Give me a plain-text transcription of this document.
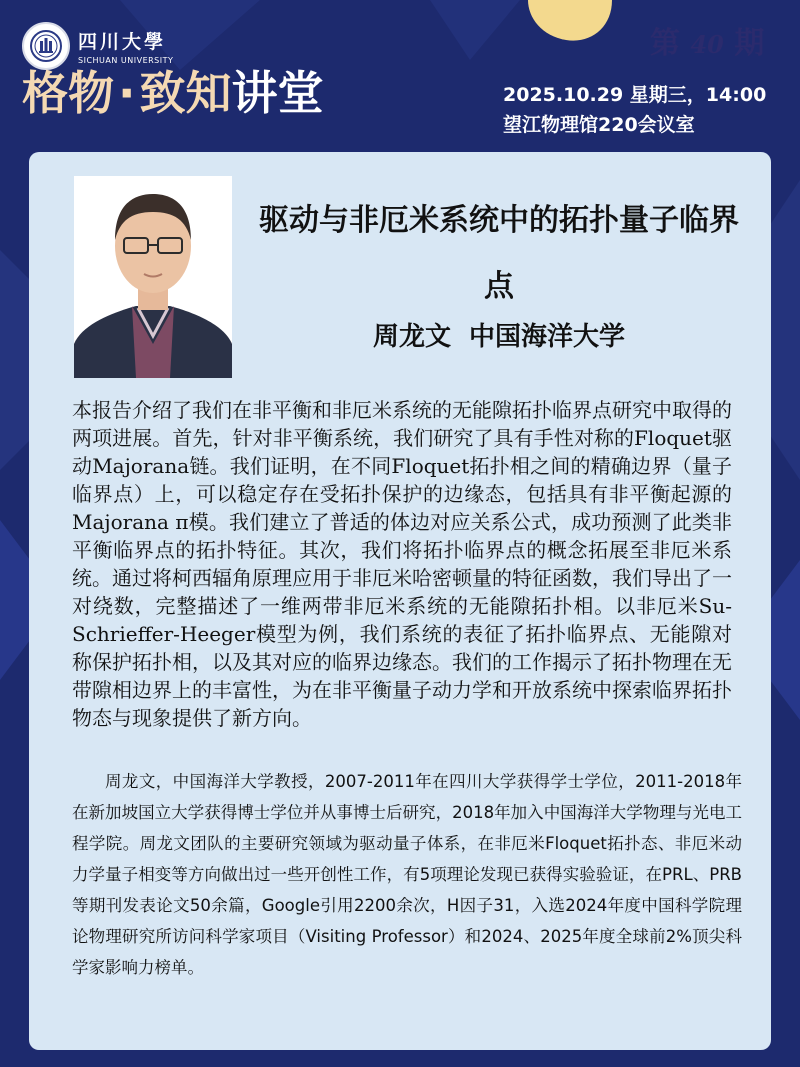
四川大學
SICHUAN UNIVERSITY
格物·致知讲堂
第 40 期
2025.10.29 星期三，14:00
望江物理馆220会议室
驱动与非厄米系统中的拓扑量子临界点
周龙文  中国海洋大学

本报告介绍了我们在非平衡和非厄米系统的无能隙拓扑临界点研究中取得的两项进展。首先，针对非平衡系统，我们研究了具有手性对称的Floquet驱动Majorana链。我们证明，在不同Floquet拓扑相之间的精确边界（量子临界点）上，可以稳定存在受拓扑保护的边缘态，包括具有非平衡起源的Majorana π模。我们建立了普适的体边对应关系公式，成功预测了此类非平衡临界点的拓扑特征。其次，我们将拓扑临界点的概念拓展至非厄米系统。通过将柯西辐角原理应用于非厄米哈密顿量的特征函数，我们导出了一对绕数，完整描述了一维两带非厄米系统的无能隙拓扑相。以非厄米Su-Schrieffer-Heeger模型为例，我们系统的表征了拓扑临界点、无能隙对称保护拓扑相，以及其对应的临界边缘态。我们的工作揭示了拓扑物理在无带隙相边界上的丰富性，为在非平衡量子动力学和开放系统中探索临界拓扑物态与现象提供了新方向。

周龙文，中国海洋大学教授，2007-2011年在四川大学获得学士学位，2011-2018年在新加坡国立大学获得博士学位并从事博士后研究，2018年加入中国海洋大学物理与光电工程学院。周龙文团队的主要研究领域为驱动量子体系，在非厄米Floquet拓扑态、非厄米动力学量子相变等方向做出过一些开创性工作，有5项理论发现已获得实验验证，在PRL、PRB等期刊发表论文50余篇，Google引用2200余次，H因子31，入选2024年度中国科学院理论物理研究所访问科学家项目（Visiting Professor）和2024、2025年度全球前2%顶尖科学家影响力榜单。
